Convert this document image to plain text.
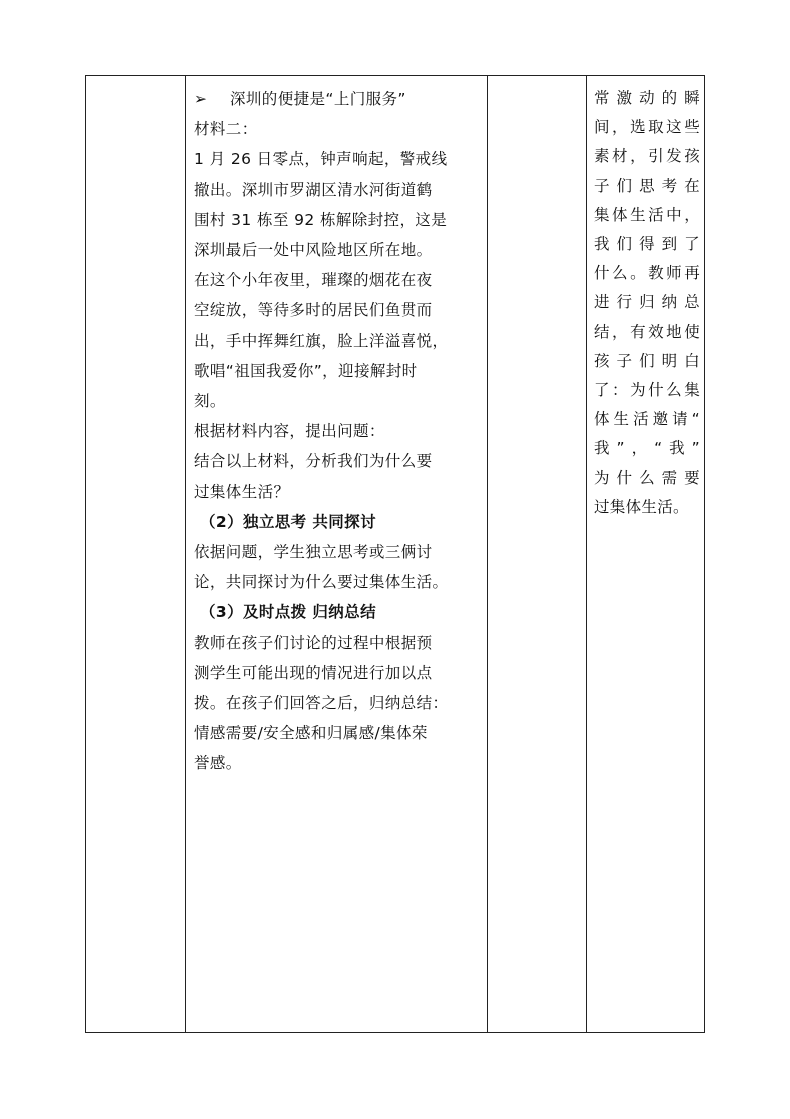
➢ 深圳的便捷是“上门服务”

材料二：

1 月 26 日零点，钟声响起，警戒线

撤出。深圳市罗湖区清水河街道鹤

围村 31 栋至 92 栋解除封控，这是

深圳最后一处中风险地区所在地。

在这个小年夜里，璀璨的烟花在夜

空绽放，等待多时的居民们鱼贯而

出，手中挥舞红旗，脸上洋溢喜悦，

歌唱“祖国我爱你”，迎接解封时

刻。

根据材料内容，提出问题：

结合以上材料，分析我们为什么要

过集体生活？

（2）独立思考 共同探讨

依据问题，学生独立思考或三俩讨

论，共同探讨为什么要过集体生活。

（3）及时点拨 归纳总结

教师在孩子们讨论的过程中根据预

测学生可能出现的情况进行加以点

拨。在孩子们回答之后，归纳总结：

情感需要/安全感和归属感/集体荣

誉感。

常激动的瞬

间，选取这些

素材，引发孩

子们思考在

集体生活中，

我们得到了

什么。教师再

进行归纳总

结，有效地使

孩子们明白

了：为什么集

体生活邀请“

我”，“我”

为什么需要

过集体生活。
